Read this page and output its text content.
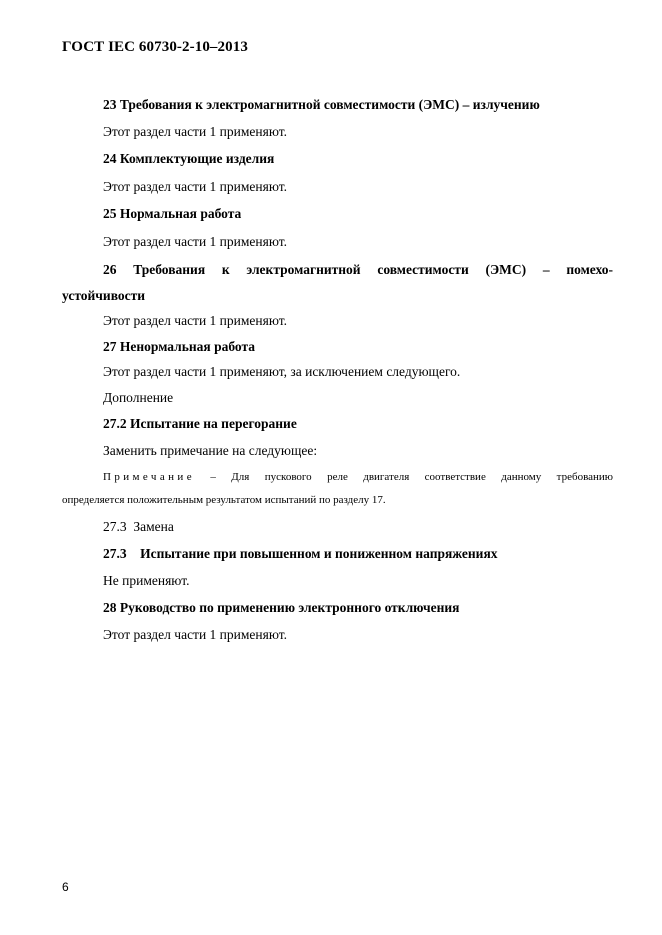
ГОСТ IEC 60730-2-10–2013
23 Требования к электромагнитной совместимости (ЭМС) – излучению
Этот раздел части 1 применяют.
24 Комплектующие изделия
Этот раздел части 1 применяют.
25 Нормальная работа
Этот раздел части 1 применяют.
26 Требования к электромагнитной совместимости (ЭМС) – помехо-
устойчивости
Этот раздел части 1 применяют.
27 Ненормальная работа
Этот раздел части 1 применяют, за исключением следующего.
Дополнение
27.2 Испытание на перегорание
Заменить примечание на следующее:
Примечание – Для пускового реле двигателя соответствие данному требованию
определяется положительным результатом испытаний по разделу 17.
27.3  Замена
27.3    Испытание при повышенном и пониженном напряжениях
Не применяют.
28 Руководство по применению электронного отключения
Этот раздел части 1 применяют.
6
